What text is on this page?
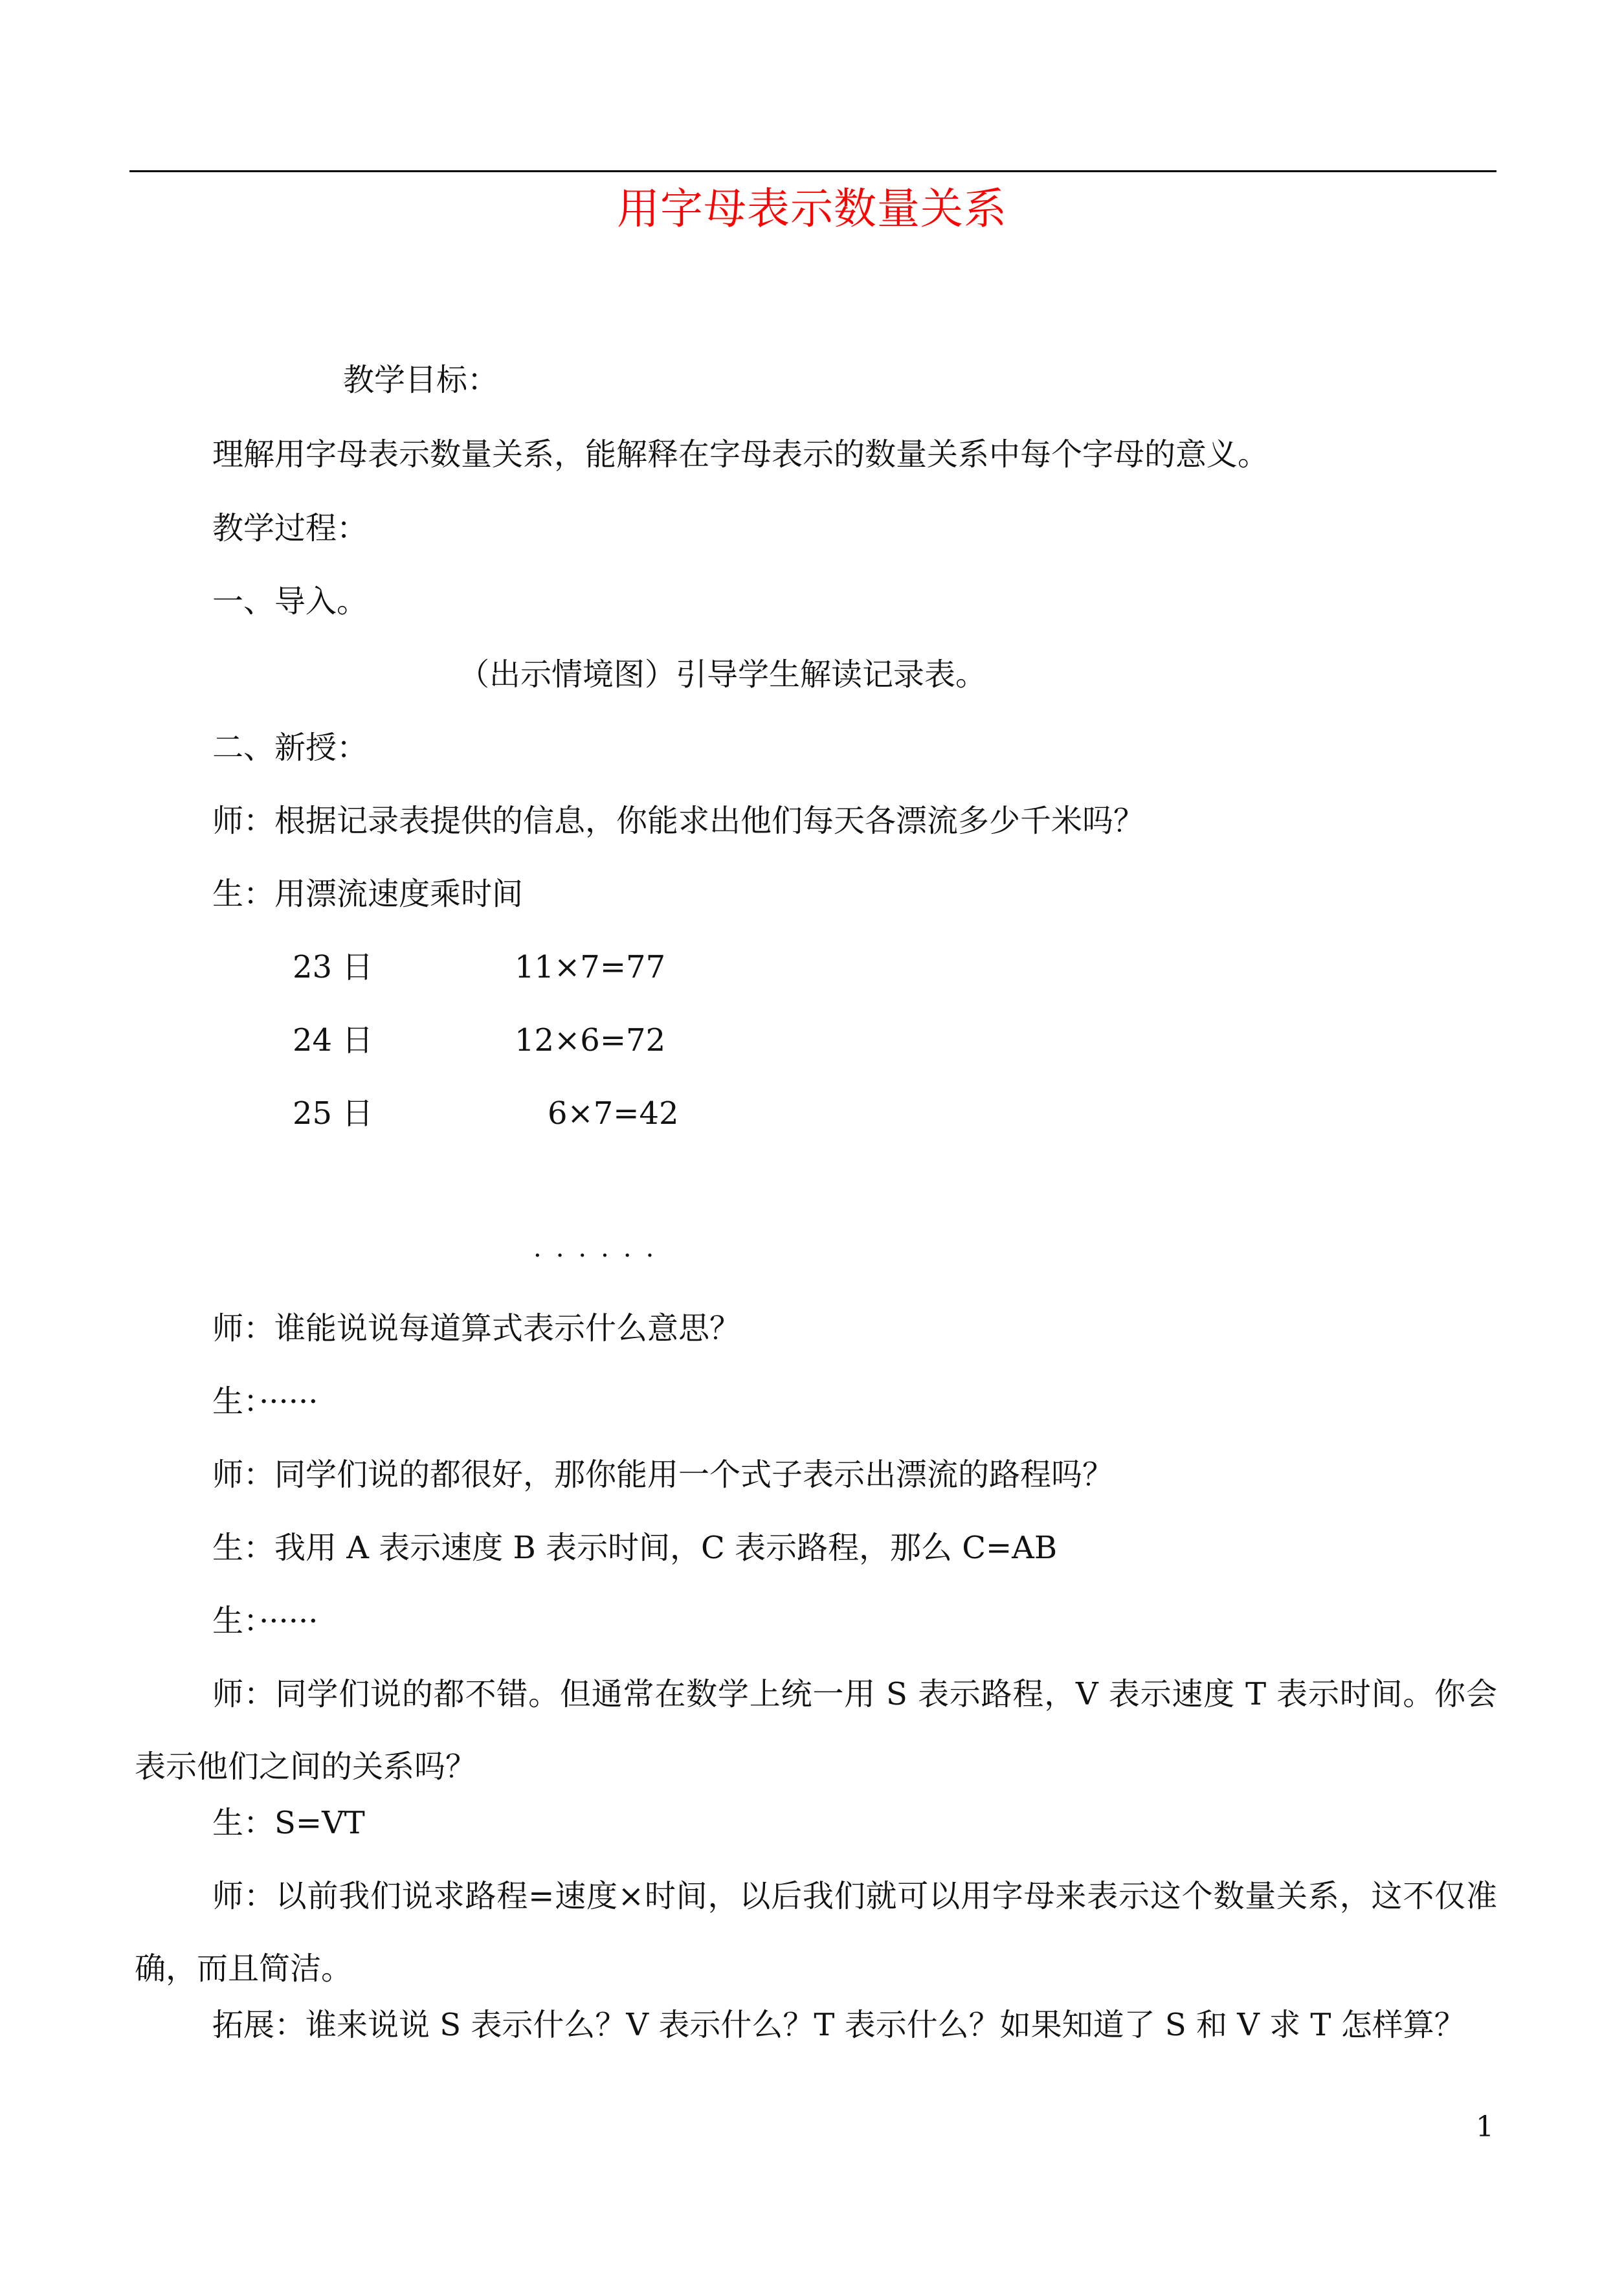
用字母表示数量关系
教学目标：
理解用字母表示数量关系，能解释在字母表示的数量关系中每个字母的意义。
教学过程：
一、导入。
（出示情境图）引导学生解读记录表。
二、新授：
师：根据记录表提供的信息，你能求出他们每天各漂流多少千米吗？
生：用漂流速度乘时间
23 日	11×7=77
24 日	12×6=72
25 日	6×7=42
······
师：谁能说说每道算式表示什么意思？
生：······
师：同学们说的都很好，那你能用一个式子表示出漂流的路程吗？
生：我用 A 表示速度 B 表示时间，C 表示路程，那么 C=AB
生：······
师：同学们说的都不错。但通常在数学上统一用 S 表示路程，V 表示速度 T 表示时间。你会表示他们之间的关系吗？
生：S=VT
师：以前我们说求路程=速度×时间，以后我们就可以用字母来表示这个数量关系，这不仅准确，而且简洁。
拓展：谁来说说 S 表示什么？V 表示什么？T 表示什么？如果知道了 S 和 V 求 T 怎样算？
1
